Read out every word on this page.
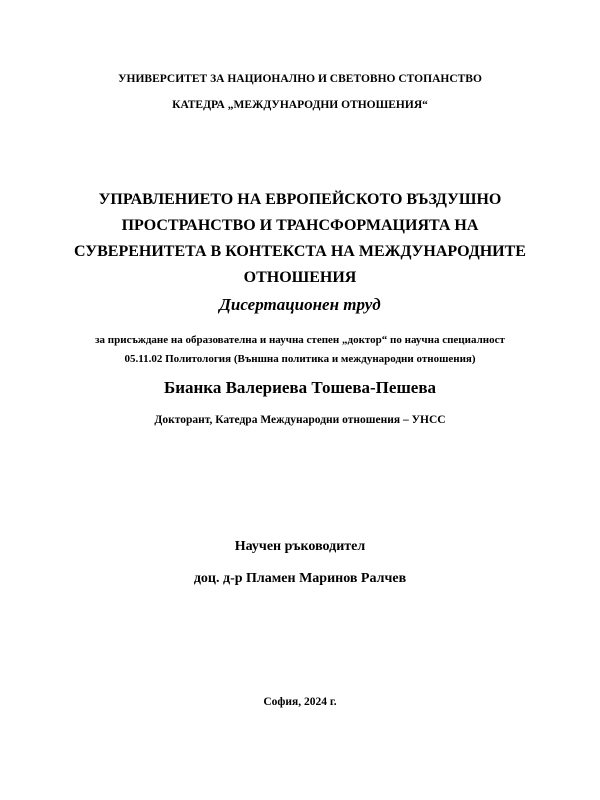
УНИВЕРСИТЕТ ЗА НАЦИОНАЛНО И СВЕТОВНО СТОПАНСТВО
КАТЕДРА „МЕЖДУНАРОДНИ ОТНОШЕНИЯ“
УПРАВЛЕНИЕТО НА ЕВРОПЕЙСКОТО ВЪЗДУШНО
ПРОСТРАНСТВО И ТРАНСФОРМАЦИЯТА НА
СУВЕРЕНИТЕТА В КОНТЕКСТА НА МЕЖДУНАРОДНИТЕ
ОТНОШЕНИЯ
Дисертационен труд
за присъждане на образователна и научна степен „доктор“ по научна специалност
05.11.02 Политология (Външна политика и международни отношения)
Бианка Валериева Тошева-Пешева
Докторант, Катедра Международни отношения – УНСС
Научен ръководител
доц. д-р Пламен Маринов Ралчев
София, 2024 г.
